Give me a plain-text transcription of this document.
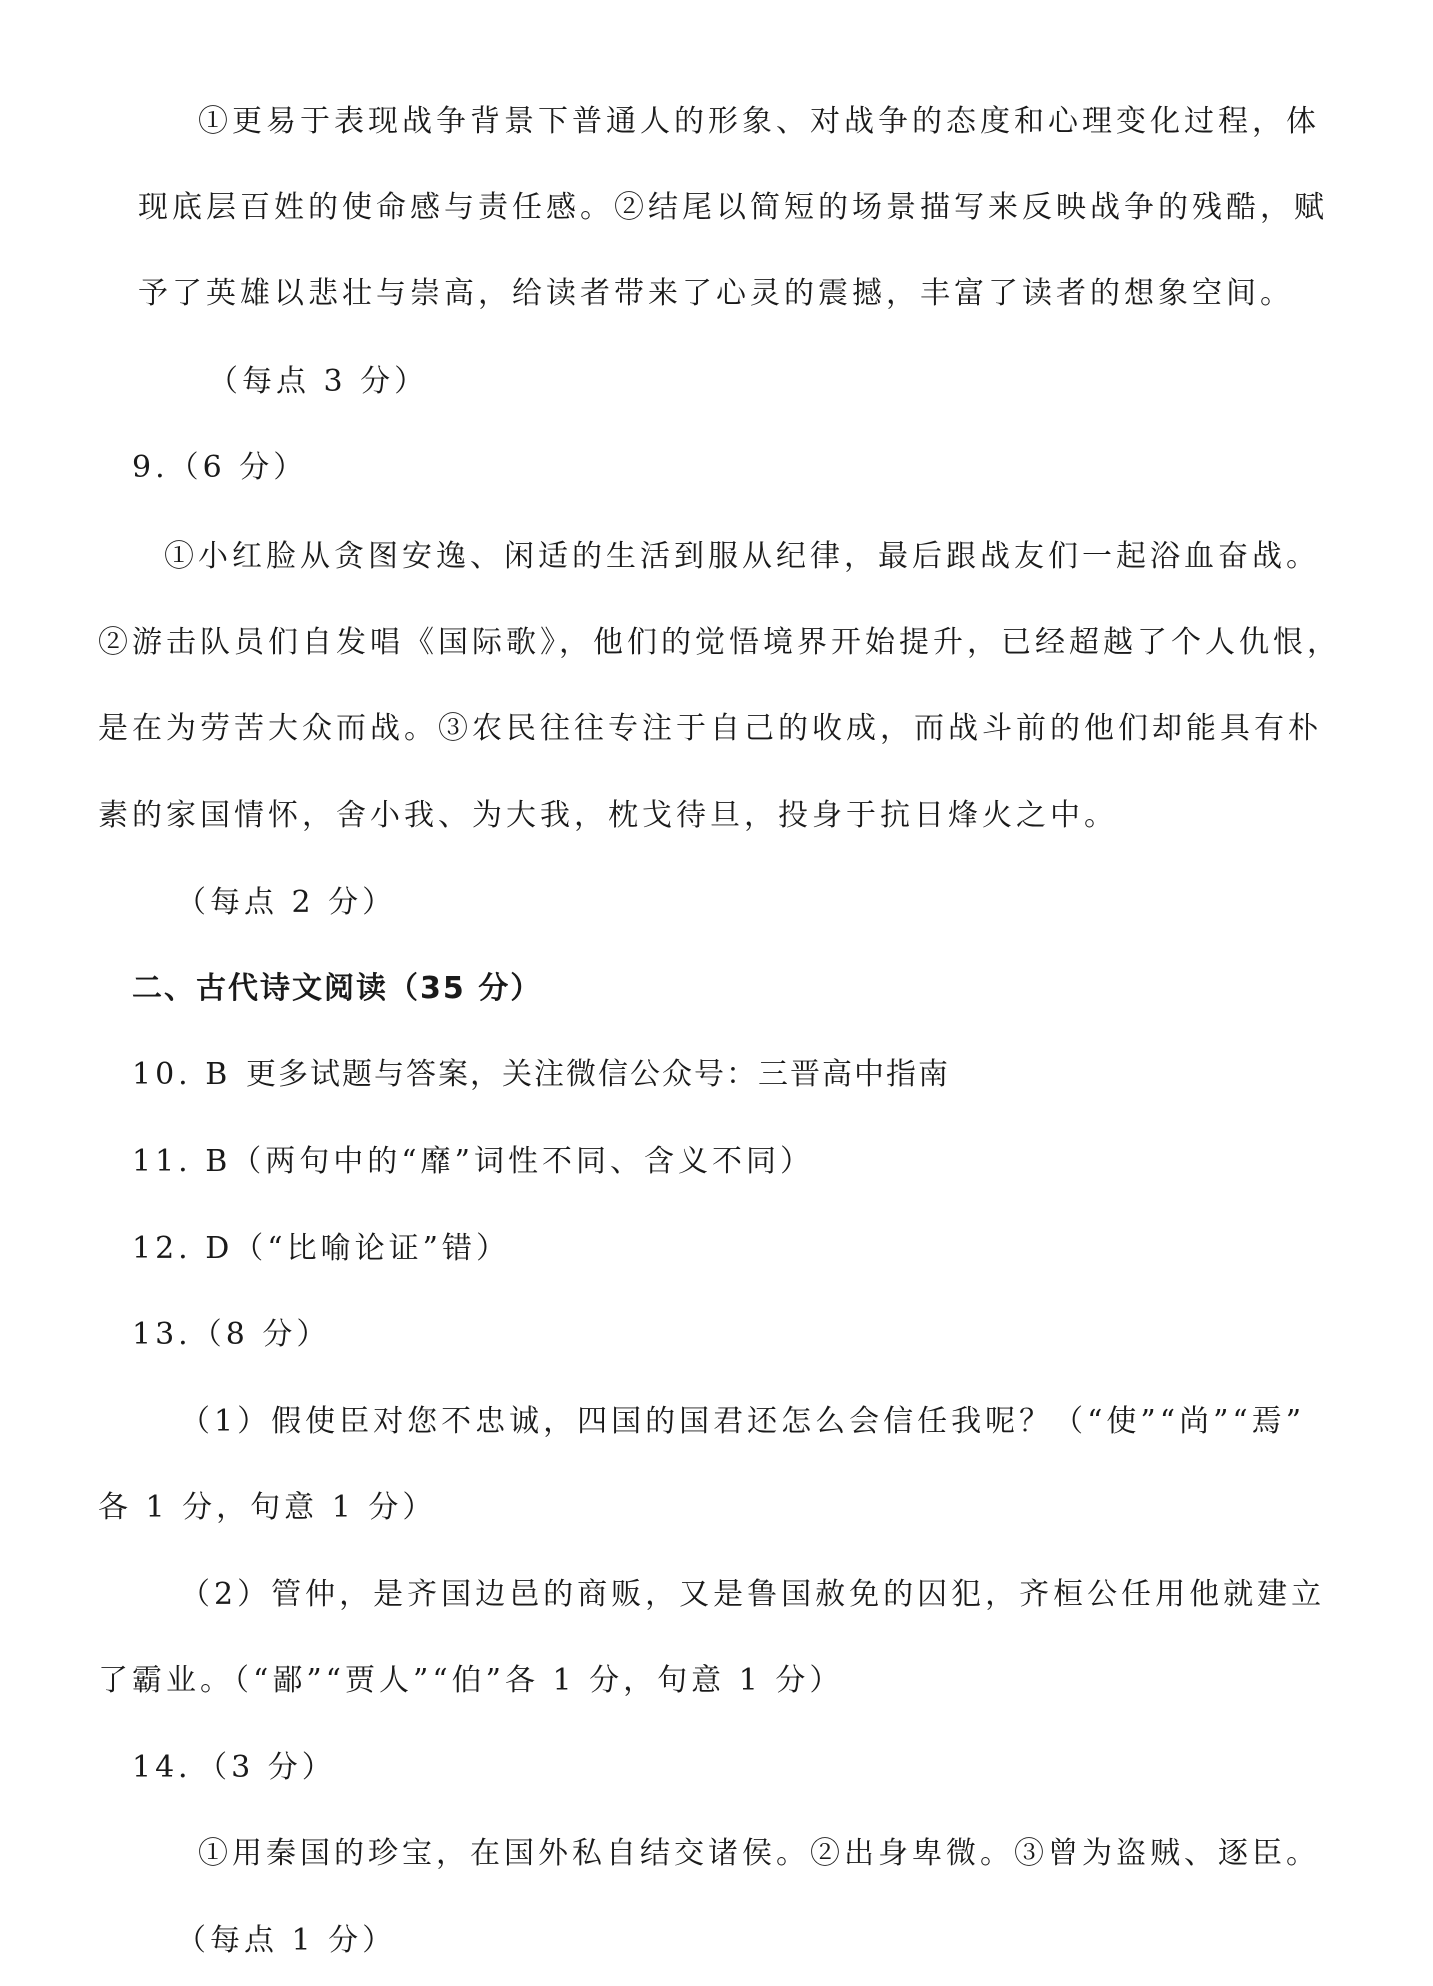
①更易于表现战争背景下普通人的形象、对战争的态度和心理变化过程，体

现底层百姓的使命感与责任感。②结尾以简短的场景描写来反映战争的残酷，赋

予了英雄以悲壮与崇高，给读者带来了心灵的震撼，丰富了读者的想象空间。

（每点 3 分）

9.（6 分）

①小红脸从贪图安逸、闲适的生活到服从纪律，最后跟战友们一起浴血奋战。

②游击队员们自发唱《国际歌》，他们的觉悟境界开始提升，已经超越了个人仇恨，

是在为劳苦大众而战。③农民往往专注于自己的收成，而战斗前的他们却能具有朴

素的家国情怀，舍小我、为大我，枕戈待旦，投身于抗日烽火之中。

（每点 2 分）

二、古代诗文阅读（35 分）

10. B 更多试题与答案，关注微信公众号：三晋高中指南

11. B（两句中的“靡”词性不同、含义不同）

12. D（“比喻论证”错）

13.（8 分）

（1）假使臣对您不忠诚，四国的国君还怎么会信任我呢？（“使”“尚”“焉”

各 1 分，句意 1 分）

（2）管仲，是齐国边邑的商贩，又是鲁国赦免的囚犯，齐桓公任用他就建立

了霸业。（“鄙”“贾人”“伯”各 1 分，句意 1 分）

14．（3 分）

①用秦国的珍宝，在国外私自结交诸侯。②出身卑微。③曾为盗贼、逐臣。

（每点 1 分）
